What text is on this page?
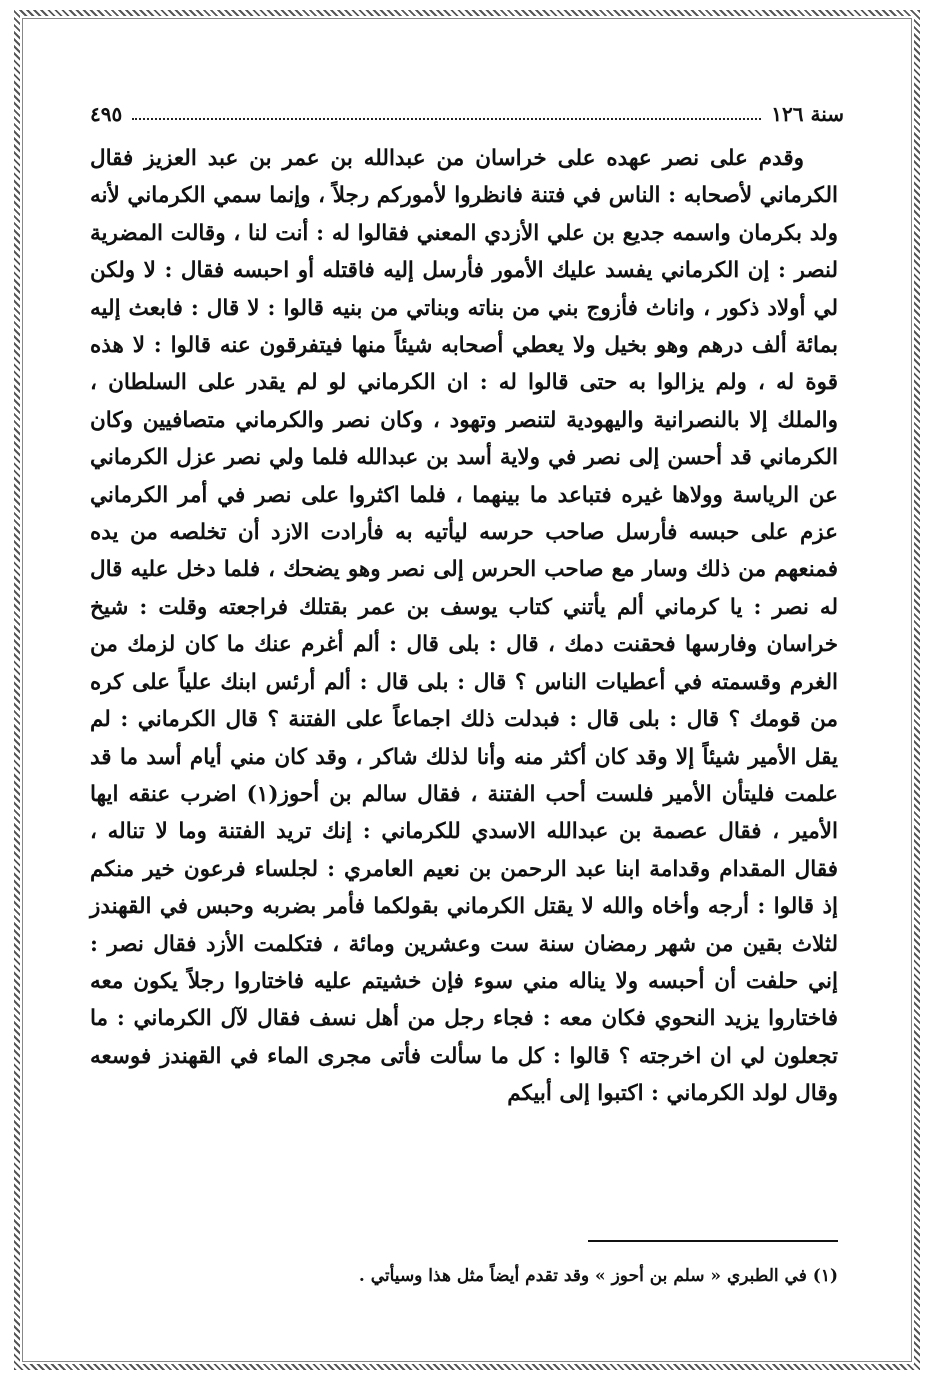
سنة ١٢٦
٤٩٥

وقدم على نصر عهده على خراسان من عبدالله بن عمر بن عبد العزيز فقال الكرماني لأصحابه : الناس في فتنة فانظروا لأموركم رجلاً ، وإنما سمي الكرماني لأنه ولد بكرمان واسمه جديع بن علي الأزدي المعني فقالوا له : أنت لنا ، وقالت المضرية لنصر : إن الكرماني يفسد عليك الأمور فأرسل إليه فاقتله أو احبسه فقال : لا ولكن لي أولاد ذكور ، واناث فأزوج بني من بناته وبناتي من بنيه قالوا : لا قال : فابعث إليه بمائة ألف درهم وهو بخيل ولا يعطي أصحابه شيئاً منها فيتفرقون عنه قالوا : لا هذه قوة له ، ولم يزالوا به حتى قالوا له : ان الكرماني لو لم يقدر على السلطان ، والملك إلا بالنصرانية واليهودية لتنصر وتهود ، وكان نصر والكرماني متصافيين وكان الكرماني قد أحسن إلى نصر في ولاية أسد بن عبدالله فلما ولي نصر عزل الكرماني عن الرياسة وولاها غيره فتباعد ما بينهما ، فلما اكثروا على نصر في أمر الكرماني عزم على حبسه فأرسل صاحب حرسه ليأتيه به فأرادت الازد أن تخلصه من يده فمنعهم من ذلك وسار مع صاحب الحرس إلى نصر وهو يضحك ، فلما دخل عليه قال له نصر : يا كرماني ألم يأتني كتاب يوسف بن عمر بقتلك فراجعته وقلت : شيخ خراسان وفارسها فحقنت دمك ، قال : بلى قال : ألم أغرم عنك ما كان لزمك من الغرم وقسمته في أعطيات الناس ؟ قال : بلى قال : ألم أرئس ابنك علياً على كره من قومك ؟ قال : بلى قال : فبدلت ذلك اجماعاً على الفتنة ؟ قال الكرماني : لم يقل الأمير شيئاً إلا وقد كان أكثر منه وأنا لذلك شاكر ، وقد كان مني أيام أسد ما قد علمت فليتأن الأمير فلست أحب الفتنة ، فقال سالم بن أحوز(١) اضرب عنقه ايها الأمير ، فقال عصمة بن عبدالله الاسدي للكرماني : إنك تريد الفتنة وما لا تناله ، فقال المقدام وقدامة ابنا عبد الرحمن بن نعيم العامري : لجلساء فرعون خير منكم إذ قالوا : أرجه وأخاه والله لا يقتل الكرماني بقولكما فأمر بضربه وحبس في القهندز لثلاث بقين من شهر رمضان سنة ست وعشرين ومائة ، فتكلمت الأزد فقال نصر : إني حلفت أن أحبسه ولا يناله مني سوء فإن خشيتم عليه فاختاروا رجلاً يكون معه فاختاروا يزيد النحوي فكان معه : فجاء رجل من أهل نسف فقال لآل الكرماني : ما تجعلون لي ان اخرجته ؟ قالوا : كل ما سألت فأتى مجرى الماء في القهندز فوسعه وقال لولد الكرماني : اكتبوا إلى أبيكم

(١) في الطبري « سلم بن أحوز » وقد تقدم أيضاً مثل هذا وسيأتي .
